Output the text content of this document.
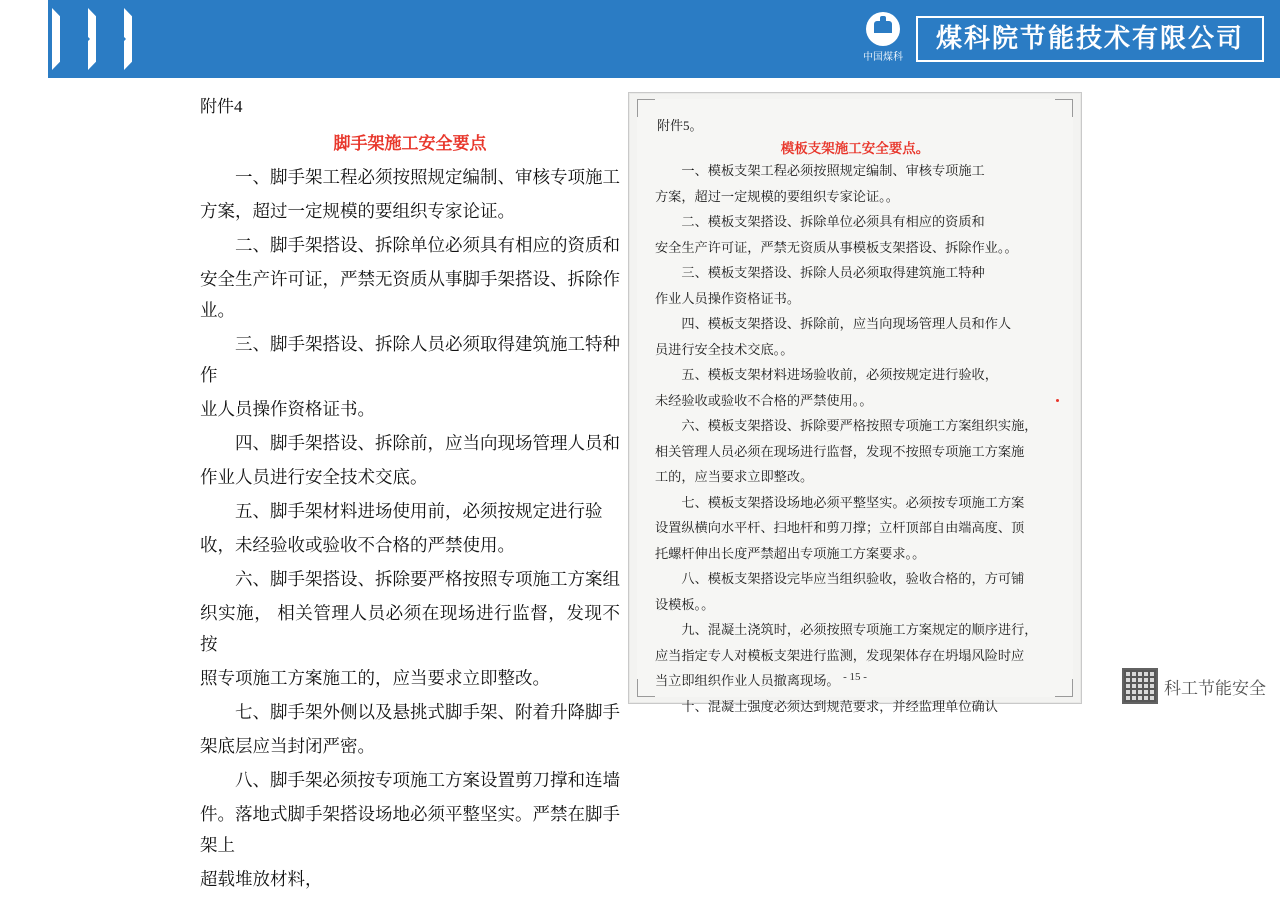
中国煤科
煤科院节能技术有限公司
附件4
脚手架施工安全要点

一、脚手架工程必须按照规定编制、审核专项施工

方案，超过一定规模的要组织专家论证。

二、脚手架搭设、拆除单位必须具有相应的资质和

安全生产许可证，严禁无资质从事脚手架搭设、拆除作业。

三、脚手架搭设、拆除人员必须取得建筑施工特种作

业人员操作资格证书。

四、脚手架搭设、拆除前，应当向现场管理人员和

作业人员进行安全技术交底。

五、脚手架材料进场使用前，必须按规定进行验

收，未经验收或验收不合格的严禁使用。

六、脚手架搭设、拆除要严格按照专项施工方案组

织实施， 相关管理人员必须在现场进行监督，发现不按

照专项施工方案施工的，应当要求立即整改。

七、脚手架外侧以及悬挑式脚手架、附着升降脚手

架底层应当封闭严密。

八、脚手架必须按专项施工方案设置剪刀撑和连墙

件。落地式脚手架搭设场地必须平整坚实。严禁在脚手架上

超载堆放材料，

附件5。
模板支架施工安全要点。

一、模板支架工程必须按照规定编制、审核专项施工

方案，超过一定规模的要组织专家论证。。

二、模板支架搭设、拆除单位必须具有相应的资质和

安全生产许可证，严禁无资质从事模板支架搭设、拆除作业。。

三、模板支架搭设、拆除人员必须取得建筑施工特种

作业人员操作资格证书。

四、模板支架搭设、拆除前，应当向现场管理人员和作人

员进行安全技术交底。。

五、模板支架材料进场验收前，必须按规定进行验收，

未经验收或验收不合格的严禁使用。。

六、模板支架搭设、拆除要严格按照专项施工方案组织实施，

相关管理人员必须在现场进行监督，发现不按照专项施工方案施

工的，应当要求立即整改。

七、模板支架搭设场地必须平整坚实。必须按专项施工方案

设置纵横向水平杆、扫地杆和剪刀撑；立杆顶部自由端高度、顶

托螺杆伸出长度严禁超出专项施工方案要求。。

八、模板支架搭设完毕应当组织验收，验收合格的，方可铺

设模板。。

九、混凝土浇筑时，必须按照专项施工方案规定的顺序进行，

应当指定专人对模板支架进行监测，发现架体存在坍塌风险时应

当立即组织作业人员撤离现场。

十、混凝土强度必须达到规范要求，并经监理单位确认

- 15 -
科工节能安全
